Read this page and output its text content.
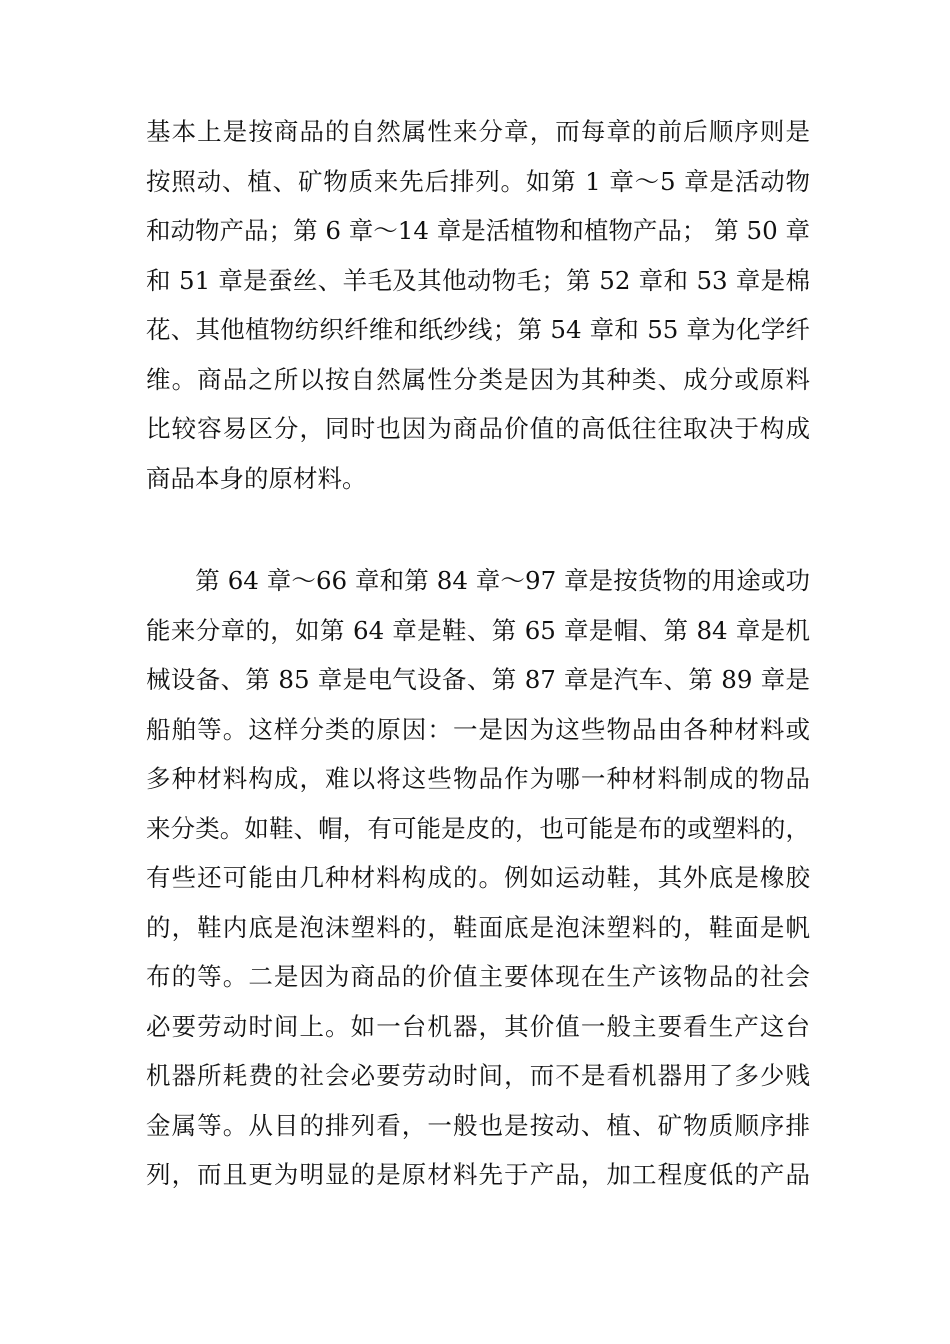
基本上是按商品的自然属性来分章，而每章的前后顺序则是
按照动、植、矿物质来先后排列。如第 1 章～5 章是活动物
和动物产品；第 6 章～14 章是活植物和植物产品； 第 50 章
和 51 章是蚕丝、羊毛及其他动物毛；第 52 章和 53 章是棉
花、其他植物纺织纤维和纸纱线；第 54 章和 55 章为化学纤
维。商品之所以按自然属性分类是因为其种类、成分或原料
比较容易区分，同时也因为商品价值的高低往往取决于构成
商品本身的原材料。
　　第 64 章～66 章和第 84 章～97 章是按货物的用途或功
能来分章的，如第 64 章是鞋、第 65 章是帽、第 84 章是机
械设备、第 85 章是电气设备、第 87 章是汽车、第 89 章是
船舶等。这样分类的原因：一是因为这些物品由各种材料或
多种材料构成，难以将这些物品作为哪一种材料制成的物品
来分类。如鞋、帽，有可能是皮的，也可能是布的或塑料的，
有些还可能由几种材料构成的。例如运动鞋，其外底是橡胶
的，鞋内底是泡沫塑料的，鞋面底是泡沫塑料的，鞋面是帆
布的等。二是因为商品的价值主要体现在生产该物品的社会
必要劳动时间上。如一台机器，其价值一般主要看生产这台
机器所耗费的社会必要劳动时间，而不是看机器用了多少贱
金属等。从目的排列看，一般也是按动、植、矿物质顺序排
列，而且更为明显的是原材料先于产品，加工程度低的产品
